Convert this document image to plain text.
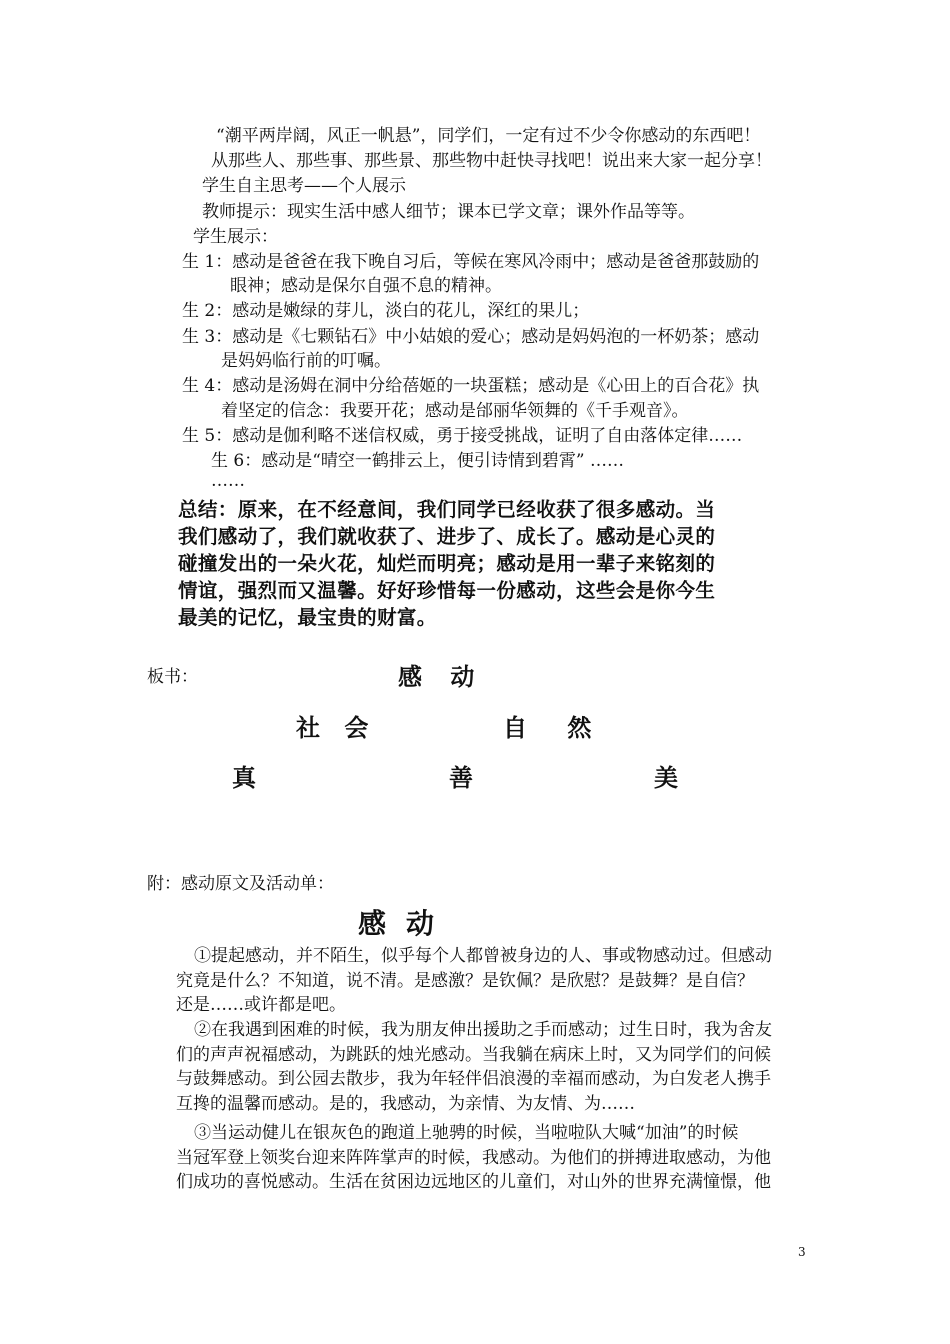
“潮平两岸阔，风正一帆悬”，同学们，一定有过不少令你感动的东西吧！
从那些人、那些事、那些景、那些物中赶快寻找吧！说出来大家一起分享！
学生自主思考——个人展示
教师提示：现实生活中感人细节；课本已学文章；课外作品等等。
学生展示：
生 1：感动是爸爸在我下晚自习后，等候在寒风冷雨中；感动是爸爸那鼓励的
眼神；感动是保尔自强不息的精神。
生 2：感动是嫩绿的芽儿，淡白的花儿，深红的果儿；
生 3：感动是《七颗钻石》中小姑娘的爱心；感动是妈妈泡的一杯奶茶；感动
是妈妈临行前的叮嘱。
生 4：感动是汤姆在洞中分给蓓姬的一块蛋糕；感动是《心田上的百合花》执
着坚定的信念：我要开花；感动是邰丽华领舞的《千手观音》。
生 5：感动是伽利略不迷信权威，勇于接受挑战，证明了自由落体定律……
生 6：感动是“晴空一鹤排云上，便引诗情到碧霄” ……
……

总结：原来，在不经意间，我们同学已经收获了很多感动。当

我们感动了，我们就收获了、进步了、成长了。感动是心灵的

碰撞发出的一朵火花，灿烂而明亮；感动是用一辈子来铭刻的

情谊，强烈而又温馨。好好珍惜每一份感动，这些会是你今生

最美的记忆，最宝贵的财富。

板书：	感 动
社 会	自 然
真	善	美
附：感动原文及活动单：
感动

①提起感动，并不陌生，似乎每个人都曾被身边的人、事或物感动过。但感动

究竟是什么？不知道，说不清。是感激？是钦佩？是欣慰？是鼓舞？是自信？

还是……或许都是吧。

②在我遇到困难的时候，我为朋友伸出援助之手而感动；过生日时，我为舍友

们的声声祝福感动，为跳跃的烛光感动。当我躺在病床上时，又为同学们的问候

与鼓舞感动。到公园去散步，我为年轻伴侣浪漫的幸福而感动，为白发老人携手

互搀的温馨而感动。是的，我感动，为亲情、为友情、为……

③当运动健儿在银灰色的跑道上驰骋的时候，当啦啦队大喊“加油”的时候

当冠军登上领奖台迎来阵阵掌声的时候，我感动。为他们的拼搏进取感动，为他

们成功的喜悦感动。生活在贫困边远地区的儿童们，对山外的世界充满憧憬，他

3
